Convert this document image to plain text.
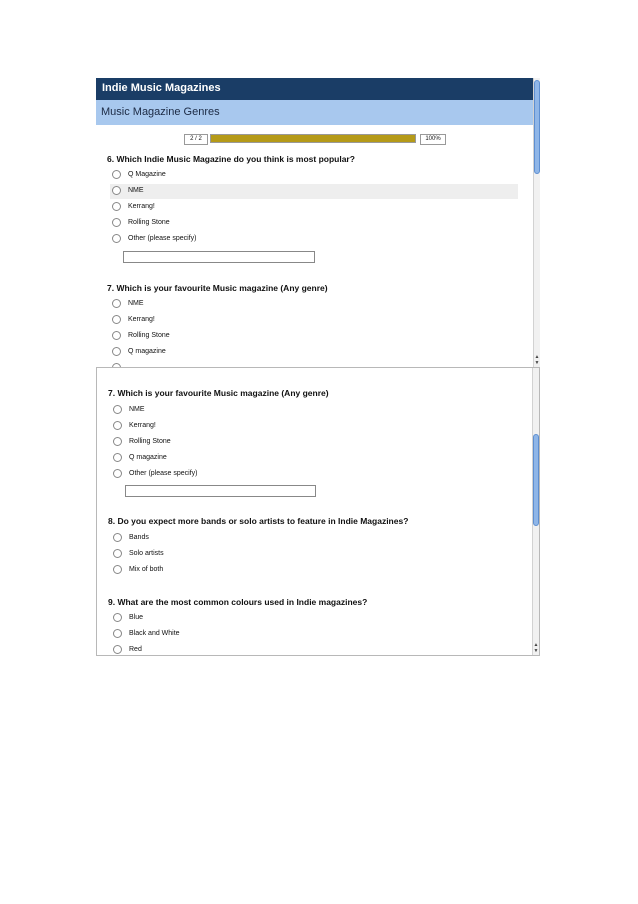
Indie Music Magazines
Music Magazine Genres
2 / 2	100%
6. Which Indie Music Magazine do you think is most popular?
Q Magazine
NME
Kerrang!
Rolling Stone
Other (please specify)
7. Which is your favourite Music magazine (Any genre)
NME
Kerrang!
Rolling Stone
Q magazine
▲
▼
7. Which is your favourite Music magazine (Any genre)
NME
Kerrang!
Rolling Stone
Q magazine
Other (please specify)
8. Do you expect more bands or solo artists to feature in Indie Magazines?
Bands
Solo artists
Mix of both
9. What are the most common colours used in Indie magazines?
Blue
Black and White
Red
▲
▼
